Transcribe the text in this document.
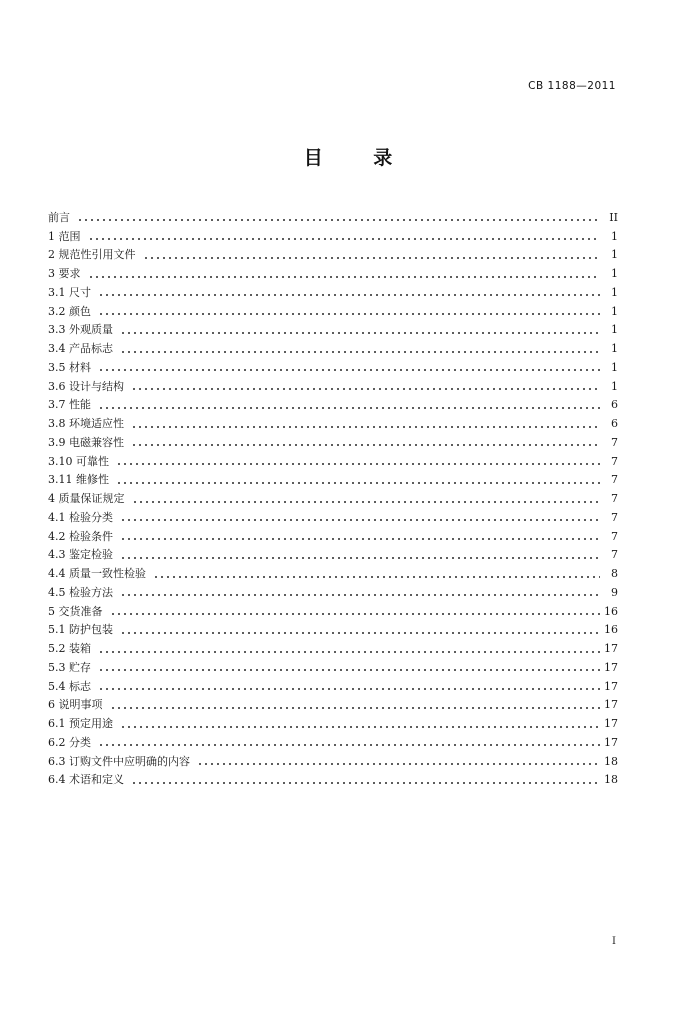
CB 1188—2011
目 录
前言	II
1 范围	1
2 规范性引用文件	1
3 要求	1
3.1 尺寸	1
3.2 颜色	1
3.3 外观质量	1
3.4 产品标志	1
3.5 材料	1
3.6 设计与结构	1
3.7 性能	6
3.8 环境适应性	6
3.9 电磁兼容性	7
3.10 可靠性	7
3.11 维修性	7
4 质量保证规定	7
4.1 检验分类	7
4.2 检验条件	7
4.3 鉴定检验	7
4.4 质量一致性检验	8
4.5 检验方法	9
5 交货准备	16
5.1 防护包装	16
5.2 装箱	17
5.3 贮存	17
5.4 标志	17
6 说明事项	17
6.1 预定用途	17
6.2 分类	17
6.3 订购文件中应明确的内容	18
6.4 术语和定义	18
I
